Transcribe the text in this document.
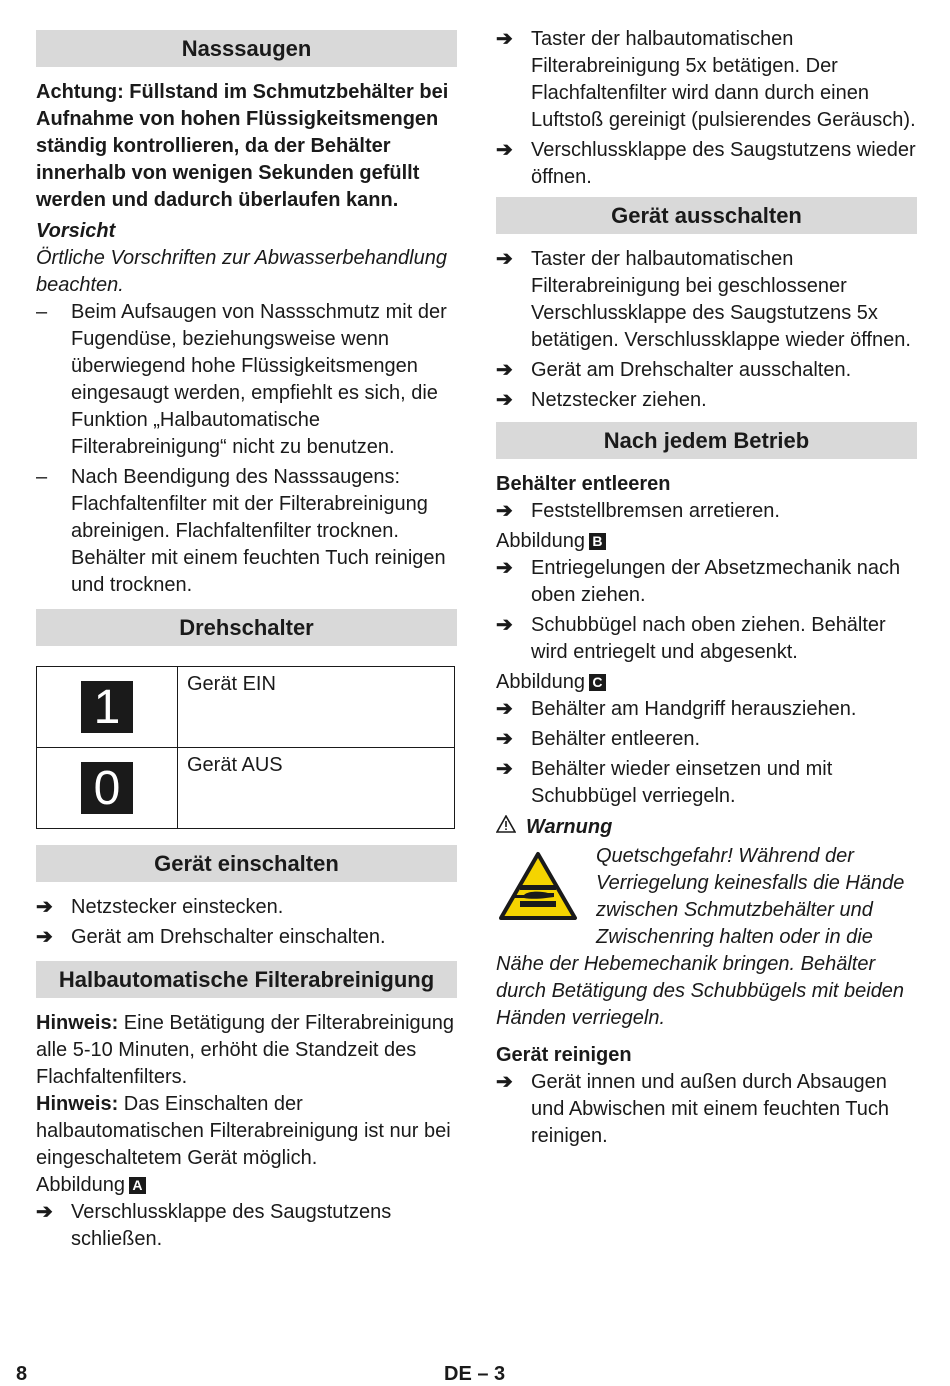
Nasssaugen

Achtung: Füllstand im Schmutzbehälter bei Aufnahme von hohen Flüssigkeitsmengen ständig kontrollieren, da der Behälter innerhalb von wenigen Sekunden gefüllt werden und dadurch überlaufen kann.

Vorsicht

Örtliche Vorschriften zur Abwasserbehandlung beachten.

– Beim Aufsaugen von Nassschmutz mit der Fugendüse, beziehungsweise wenn überwiegend hohe Flüssigkeitsmengen eingesaugt werden, empfiehlt es sich, die Funktion „Halbautomatische Filterabreinigung“ nicht zu benutzen.
– Nach Beendigung des Nasssaugens: Flachfaltenfilter mit der Filterabreinigung abreinigen. Flachfaltenfilter trocknen. Behälter mit einem feuchten Tuch reinigen und trocknen.
Drehschalter
1	Gerät EIN
0	Gerät AUS
Gerät einschalten
➔ Netzstecker einstecken.
➔ Gerät am Drehschalter einschalten.
Halbautomatische Filterabreinigung

Hinweis: Eine Betätigung der Filterabreinigung alle 5-10 Minuten, erhöht die Standzeit des Flachfaltenfilters.

Hinweis: Das Einschalten der halbautomatischen Filterabreinigung ist nur bei eingeschaltetem Gerät möglich.

Abbildung A

➔ Verschlussklappe des Saugstutzens schließen.
➔ Taster der halbautomatischen Filterabreinigung 5x betätigen. Der Flachfaltenfilter wird dann durch einen Luftstoß gereinigt (pulsierendes Geräusch).
➔ Verschlussklappe des Saugstutzens wieder öffnen.
Gerät ausschalten
➔ Taster der halbautomatischen Filterabreinigung bei geschlossener Verschlussklappe des Saugstutzens 5x betätigen. Verschlussklappe wieder öffnen.
➔ Gerät am Drehschalter ausschalten.
➔ Netzstecker ziehen.
Nach jedem Betrieb

Behälter entleeren

➔ Feststellbremsen arretieren.

Abbildung B

➔ Entriegelungen der Absetzmechanik nach oben ziehen.
➔ Schubbügel nach oben ziehen. Behälter wird entriegelt und abgesenkt.

Abbildung C

➔ Behälter am Handgriff herausziehen.
➔ Behälter entleeren.
➔ Behälter wieder einsetzen und mit Schubbügel verriegeln.

Warnung

Quetschgefahr! Während der Verriegelung keinesfalls die Hände zwischen Schmutzbehälter und Zwischenring halten oder in die Nähe der Hebemechanik bringen. Behälter durch Betätigung des Schubbügels mit beiden Händen verriegeln.

Gerät reinigen

➔ Gerät innen und außen durch Absaugen und Abwischen mit einem feuchten Tuch reinigen.
8	DE – 3
